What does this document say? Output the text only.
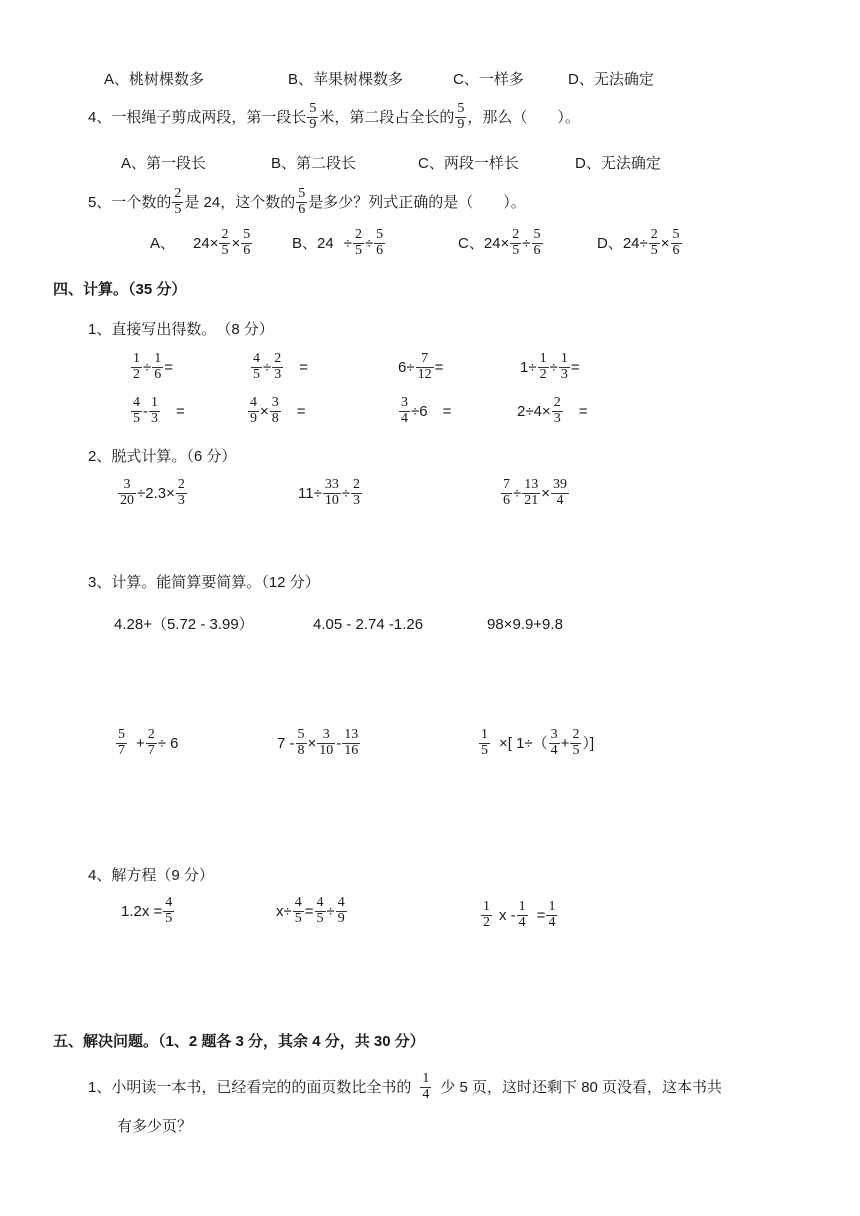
A、桃树棵数多	B、苹果树棵数多	C、一样多	D、无法确定
4、一根绳子剪成两段，第一段长 $\frac{5}{9}$ 米，第二段占全长的 $\frac{5}{9}$ ，那么（　　）。
A、第一段长	B、第二段长	C、两段一样长	D、无法确定
5、一个数的 $\frac{2}{5}$ 是 24，这个数的 $\frac{5}{6}$ 是多少？列式正确的是（　　）。
A、 $24\times \frac{2}{5} \times \frac{5}{6}$	B、$24 \div \frac{2}{5} \div \frac{5}{6}$	C、$24\times \frac{2}{5} \div \frac{5}{6}$	D、$24\div \frac{2}{5} \times \frac{5}{6}$
四、计算。（35 分）
1、直接写出得数。　（8 分）
$\frac{1}{2} \div \frac{1}{6}$ =	$\frac{4}{5} \div \frac{2}{3}$ 　=	$6\div \frac{7}{12}$ =	$1\div \frac{1}{2} \div \frac{1}{3}$ =
$\frac{4}{5} - \frac{1}{3}$ 　=	$\frac{4}{9} \times \frac{3}{8}$ 　=	$\frac{3}{4} \div 6$ 　=	$2\div 4\times \frac{2}{3}$ 　=
2、脱式计算。（6 分）
$\frac{3}{20} \div 2.3\times \frac{2}{3}$	$11\div \frac{33}{10} \div \frac{2}{3}$	$\frac{7}{6} \div \frac{13}{21} \times \frac{39}{4}$
3、计算。能简算要简算。（12 分）
4.28+（5.72 - 3.99）	4.05 - 2.74 -1.26	98×9.9+9.8
$\frac{5}{7} + \frac{2}{7} \div 6$	$7 - \frac{5}{8} \times \frac{3}{10} - \frac{13}{16}$	$\frac{1}{5}$ ×[ $1\div( \frac{3}{4} + \frac{2}{5}$ ）]
4、解方程（9 分）
$1.2x = \frac{4}{5}$	$x\div \frac{4}{5} = \frac{4}{5} \div \frac{4}{9}$	$\frac{1}{2}$ $x - \frac{1}{4} = \frac{1}{4}$
五、解决问题。（1、2 题各 3 分，其余 4 分，共 30 分）
1、小明读一本书，已经看完的的面页数比全书的 $\frac{1}{4}$ 少 5 页，这时还剩下 80 页没看，这本书共
有多少页？
